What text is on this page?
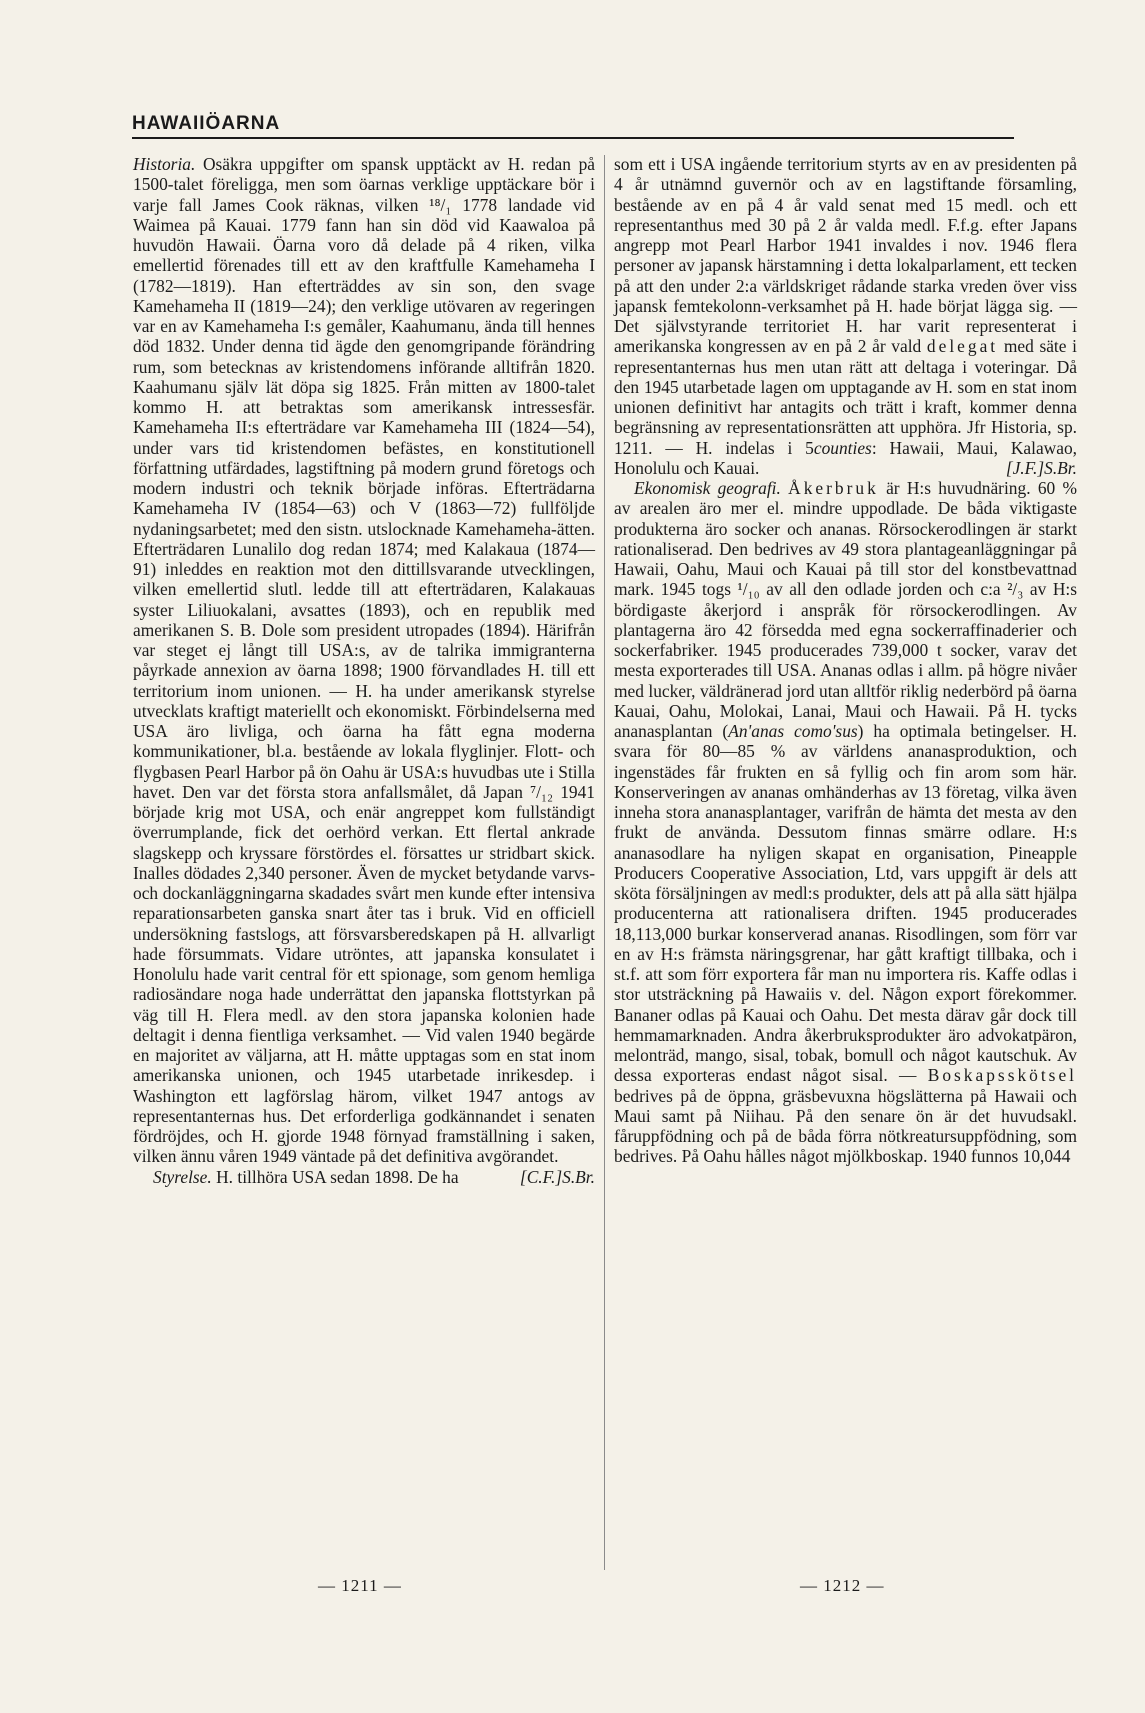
HAWAIIÖARNA

Historia. Osäkra uppgifter om spansk upptäckt av H. redan på 1500-talet föreligga, men som öarnas verklige upptäckare bör i varje fall James Cook räknas, vilken ¹⁸/₁ 1778 landade vid Waimea på Kauai. 1779 fann han sin död vid Kaawaloa på huvudön Hawaii. Öarna voro då delade på 4 riken, vilka emellertid förenades till ett av den kraftfulle Kamehameha I (1782—1819). Han efterträddes av sin son, den svage Kamehameha II (1819—24); den verklige utövaren av regeringen var en av Kamehameha I:s gemåler, Kaahumanu, ända till hennes död 1832. Under denna tid ägde den genomgripande förändring rum, som betecknas av kristendomens införande alltifrån 1820. Kaahumanu själv lät döpa sig 1825. Från mitten av 1800-talet kommo H. att betraktas som amerikansk intressesfär. Kamehameha II:s efterträdare var Kamehameha III (1824—54), under vars tid kristendomen befästes, en konstitutionell författning utfärdades, lagstiftning på modern grund företogs och modern industri och teknik började införas. Efterträdarna Kamehameha IV (1854—63) och V (1863—72) fullföljde nydaningsarbetet; med den sistn. utslocknade Kamehameha-ätten. Efterträdaren Lunalilo dog redan 1874; med Kalakaua (1874—91) inleddes en reaktion mot den dittillsvarande utvecklingen, vilken emellertid slutl. ledde till att efterträdaren, Kalakauas syster Liliuokalani, avsattes (1893), och en republik med amerikanen S. B. Dole som president utropades (1894). Härifrån var steget ej långt till USA:s, av de talrika immigranterna påyrkade annexion av öarna 1898; 1900 förvandlades H. till ett territorium inom unionen. — H. ha under amerikansk styrelse utvecklats kraftigt materiellt och ekonomiskt. Förbindelserna med USA äro livliga, och öarna ha fått egna moderna kommunikationer, bl.a. bestående av lokala flyglinjer. Flott- och flygbasen Pearl Harbor på ön Oahu är USA:s huvudbas ute i Stilla havet. Den var det första stora anfallsmålet, då Japan ⁷/₁₂ 1941 började krig mot USA, och enär angreppet kom fullständigt överrumplande, fick det oerhörd verkan. Ett flertal ankrade slagskepp och kryssare förstördes el. försattes ur stridbart skick. Inalles dödades 2,340 personer. Även de mycket betydande varvs- och dockanläggningarna skadades svårt men kunde efter intensiva reparationsarbeten ganska snart åter tas i bruk. Vid en officiell undersökning fastslogs, att försvarsberedskapen på H. allvarligt hade försummats. Vidare utröntes, att japanska konsulatet i Honolulu hade varit central för ett spionage, som genom hemliga radiosändare noga hade underrättat den japanska flottstyrkan på väg till H. Flera medl. av den stora japanska kolonien hade deltagit i denna fientliga verksamhet. — Vid valen 1940 begärde en majoritet av väljarna, att H. måtte upptagas som en stat inom amerikanska unionen, och 1945 utarbetade inrikesdep. i Washington ett lagförslag härom, vilket 1947 antogs av representanternas hus. Det erforderliga godkännandet i senaten fördröjdes, och H. gjorde 1948 förnyad framställning i saken, vilken ännu våren 1949 väntade på det definitiva avgörandet.
[C.F.]S.Br.

Styrelse. H. tillhöra USA sedan 1898. De ha

som ett i USA ingående territorium styrts av en av presidenten på 4 år utnämnd guvernör och av en lagstiftande församling, bestående av en på 4 år vald senat med 15 medl. och ett representanthus med 30 på 2 år valda medl. F.f.g. efter Japans angrepp mot Pearl Harbor 1941 invaldes i nov. 1946 flera personer av japansk härstamning i detta lokalparlament, ett tecken på att den under 2:a världskriget rådande starka vreden över viss japansk femtekolonn-verksamhet på H. hade börjat lägga sig. — Det självstyrande territoriet H. har varit representerat i amerikanska kongressen av en på 2 år vald delegat med säte i representanternas hus men utan rätt att deltaga i voteringar. Då den 1945 utarbetade lagen om upptagande av H. som en stat inom unionen definitivt har antagits och trätt i kraft, kommer denna begränsning av representationsrätten att upphöra. Jfr Historia, sp. 1211. — H. indelas i 5counties: Hawaii, Maui, Kalawao, Honolulu och Kauai.	[J.F.]S.Br.

Ekonomisk geografi. Åkerbruk är H:s huvudnäring. 60 % av arealen äro mer el. mindre uppodlade. De båda viktigaste produkterna äro socker och ananas. Rörsockerodlingen är starkt rationaliserad. Den bedrives av 49 stora plantageanläggningar på Hawaii, Oahu, Maui och Kauai på till stor del konstbevattnad mark. 1945 togs ¹/₁₀ av all den odlade jorden och c:a ²/₃ av H:s bördigaste åkerjord i anspråk för rörsockerodlingen. Av plantagerna äro 42 försedda med egna sockerraffinaderier och sockerfabriker. 1945 producerades 739,000 t socker, varav det mesta exporterades till USA. Ananas odlas i allm. på högre nivåer med lucker, väldränerad jord utan alltför riklig nederbörd på öarna Kauai, Oahu, Molokai, Lanai, Maui och Hawaii. På H. tycks ananasplantan (An'anas como'sus) ha optimala betingelser. H. svara för 80—85 % av världens ananasproduktion, och ingenstädes får frukten en så fyllig och fin arom som här. Konserveringen av ananas omhänderhas av 13 företag, vilka även inneha stora ananasplantager, varifrån de hämta det mesta av den frukt de använda. Dessutom finnas smärre odlare. H:s ananasodlare ha nyligen skapat en organisation, Pineapple Producers Cooperative Association, Ltd, vars uppgift är dels att sköta försäljningen av medl:s produkter, dels att på alla sätt hjälpa producenterna att rationalisera driften. 1945 producerades 18,113,000 burkar konserverad ananas. Risodlingen, som förr var en av H:s främsta näringsgrenar, har gått kraftigt tillbaka, och i st.f. att som förr exportera får man nu importera ris. Kaffe odlas i stor utsträckning på Hawaiis v. del. Någon export förekommer. Bananer odlas på Kauai och Oahu. Det mesta därav går dock till hemmamarknaden. Andra åkerbruksprodukter äro advokatpäron, melonträd, mango, sisal, tobak, bomull och något kautschuk. Av dessa exporteras endast något sisal. — Boskapsskötsel bedrives på de öppna, gräsbevuxna högslätterna på Hawaii och Maui samt på Niihau. På den senare ön är det huvudsakl. fåruppfödning och på de båda förra nötkreatursuppfödning, som bedrives. På Oahu hålles något mjölkboskap. 1940 funnos 10,044

— 1211 —	— 1212 —
